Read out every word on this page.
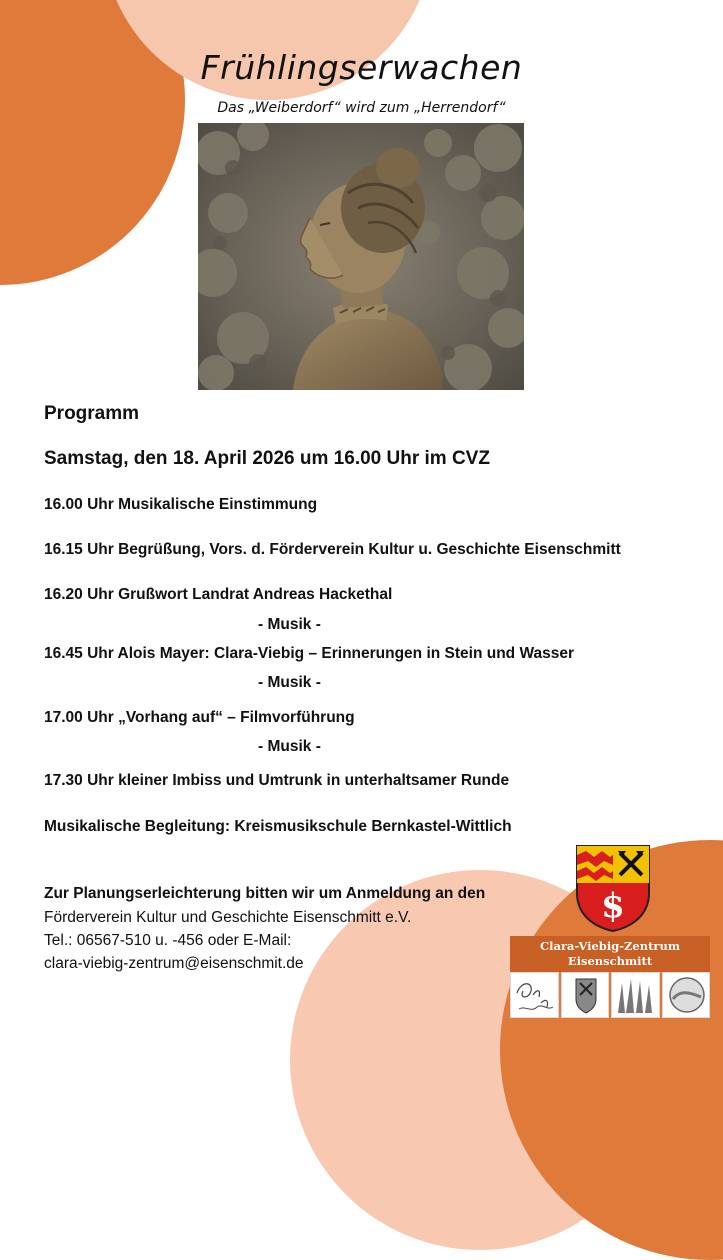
Frühlingserwachen
Das „Weiberdorf“ wird zum „Herrendorf“
Programm
Samstag, den 18. April 2026 um 16.00 Uhr im CVZ
16.00 Uhr Musikalische Einstimmung
16.15 Uhr Begrüßung, Vors. d. Förderverein Kultur u. Geschichte Eisenschmitt
16.20 Uhr Grußwort Landrat Andreas Hackethal
- Musik -
16.45 Uhr Alois Mayer: Clara-Viebig – Erinnerungen in Stein und Wasser
- Musik -
17.00 Uhr „Vorhang auf“ – Filmvorführung
- Musik -
17.30 Uhr kleiner Imbiss und Umtrunk in unterhaltsamer Runde
Musikalische Begleitung: Kreismusikschule Bernkastel-Wittlich
Zur Planungserleichterung bitten wir um Anmeldung an den
Förderverein Kultur und Geschichte Eisenschmitt e.V.
Tel.: 06567-510 u. -456 oder E-Mail:
clara-viebig-zentrum@eisenschmit.de
$
Clara-Viebig-Zentrum
Eisenschmitt
